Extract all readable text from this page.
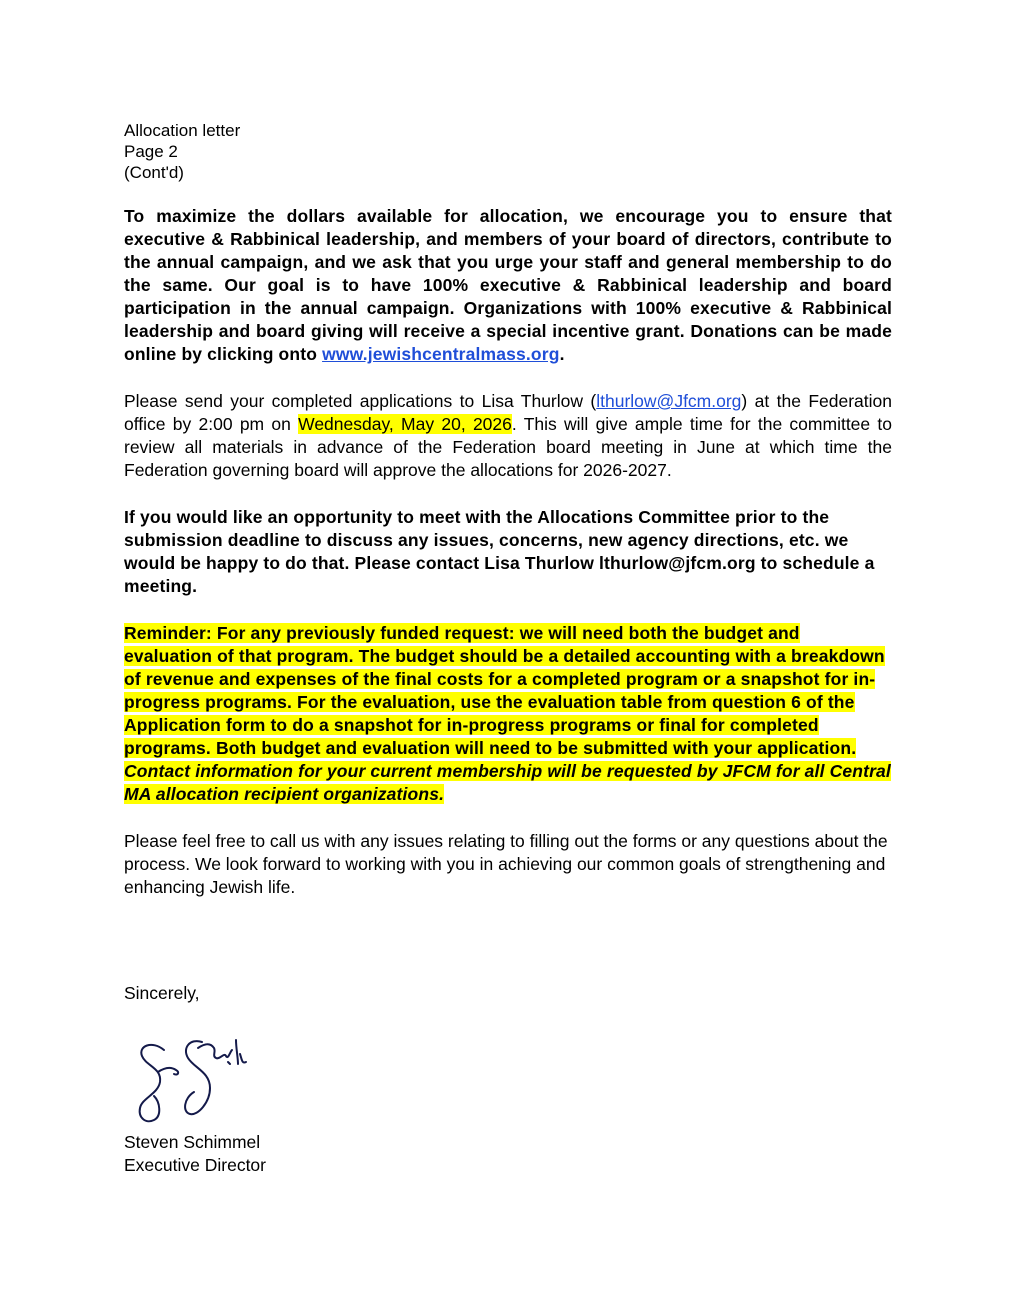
Allocation letter

Page 2

(Cont'd)

To maximize the dollars available for allocation, we encourage you to ensure that executive & Rabbinical leadership, and members of your board of directors, contribute to the annual campaign, and we ask that you urge your staff and general membership to do the same. Our goal is to have 100% executive & Rabbinical leadership and board participation in the annual campaign. Organizations with 100% executive & Rabbinical leadership and board giving will receive a special incentive grant. Donations can be made online by clicking onto www.jewishcentralmass.org.

Please send your completed applications to Lisa Thurlow (lthurlow@Jfcm.org) at the Federation office by 2:00 pm on Wednesday, May 20, 2026. This will give ample time for the committee to review all materials in advance of the Federation board meeting in June at which time the Federation governing board will approve the allocations for 2026-2027.

If you would like an opportunity to meet with the Allocations Committee prior to the submission deadline to discuss any issues, concerns, new agency directions, etc. we would be happy to do that. Please contact Lisa Thurlow lthurlow@jfcm.org to schedule a meeting.

Reminder: For any previously funded request: we will need both the budget and evaluation of that program. The budget should be a detailed accounting with a breakdown of revenue and expenses of the final costs for a completed program or a snapshot for in-progress programs. For the evaluation, use the evaluation table from question 6 of the Application form to do a snapshot for in-progress programs or final for completed programs. Both budget and evaluation will need to be submitted with your application. Contact information for your current membership will be requested by JFCM for all Central MA allocation recipient organizations.

Please feel free to call us with any issues relating to filling out the forms or any questions about the process. We look forward to working with you in achieving our common goals of strengthening and enhancing Jewish life.

Sincerely,
Steven Schimmel
Executive Director
